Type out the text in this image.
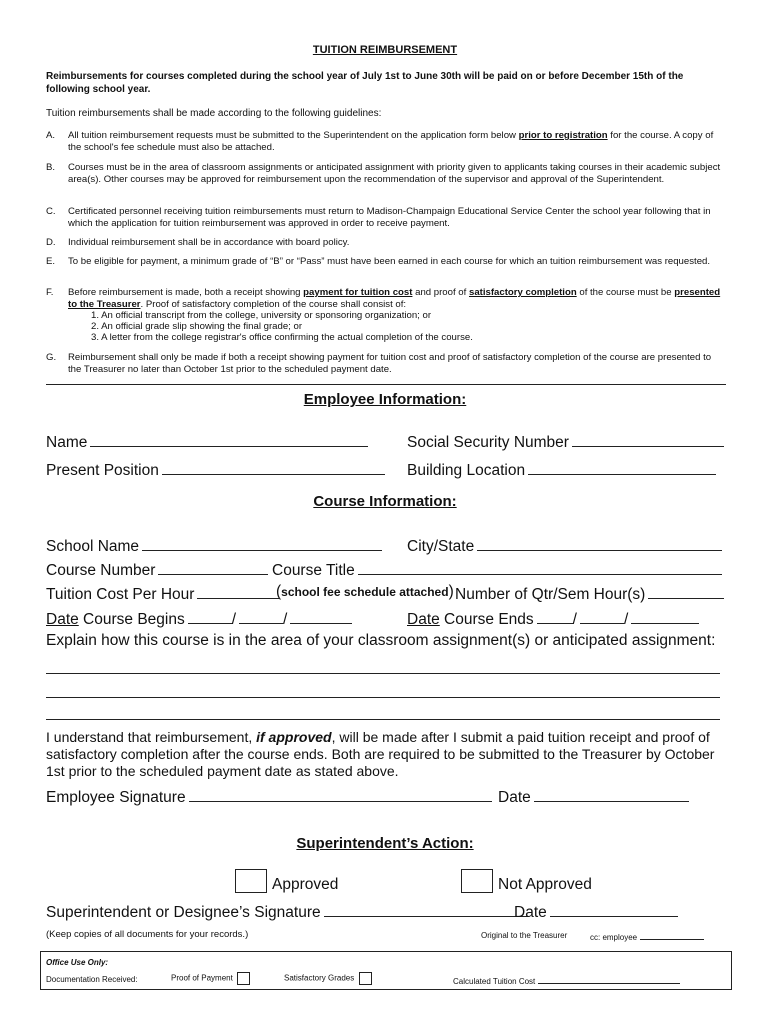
TUITION REIMBURSEMENT
Reimbursements for courses completed during the school year of July 1st to June 30th will be paid on or before December 15th of the following school year.
Tuition reimbursements shall be made according to the following guidelines:
A. All tuition reimbursement requests must be submitted to the Superintendent on the application form below prior to registration for the course. A copy of the school's fee schedule must also be attached.
B. Courses must be in the area of classroom assignments or anticipated assignment with priority given to applicants taking courses in their academic subject area(s). Other courses may be approved for reimbursement upon the recommendation of the supervisor and approval of the Superintendent.
C. Certificated personnel receiving tuition reimbursements must return to Madison-Champaign Educational Service Center the school year following that in which the application for tuition reimbursement was approved in order to receive payment.
D. Individual reimbursement shall be in accordance with board policy.
E. To be eligible for payment, a minimum grade of “B” or “Pass” must have been earned in each course for which an tuition reimbursement was requested.
F. Before reimbursement is made, both a receipt showing payment for tuition cost and proof of satisfactory completion of the course must be presented to the Treasurer. Proof of satisfactory completion of the course shall consist of:
1. An official transcript from the college, university or sponsoring organization; or
2. An official grade slip showing the final grade; or
3. A letter from the college registrar's office confirming the actual completion of the course.
G. Reimbursement shall only be made if both a receipt showing payment for tuition cost and proof of satisfactory completion of the course are presented to the Treasurer no later than October 1st prior to the scheduled payment date.
Employee Information:
Name	Social Security Number
Present Position	Building Location
Course Information:
School Name	City/State
Course Number	Course Title
Tuition Cost Per Hour	(school fee schedule attached) Number of Qtr/Sem Hour(s)
Date Course Begins	/	/	Date Course Ends	/	/
Explain how this course is in the area of your classroom assignment(s) or anticipated assignment:
I understand that reimbursement, if approved, will be made after I submit a paid tuition receipt and proof of satisfactory completion after the course ends. Both are required to be submitted to the Treasurer by October 1st prior to the scheduled payment date as stated above.
Employee Signature	Date
Superintendent’s Action:
Approved	Not Approved
Superintendent or Designee’s Signature	Date
(Keep copies of all documents for your records.)	Original to the Treasurer	cc: employee
Office Use Only:
Documentation Received:	Proof of Payment	Satisfactory Grades	Calculated Tuition Cost
